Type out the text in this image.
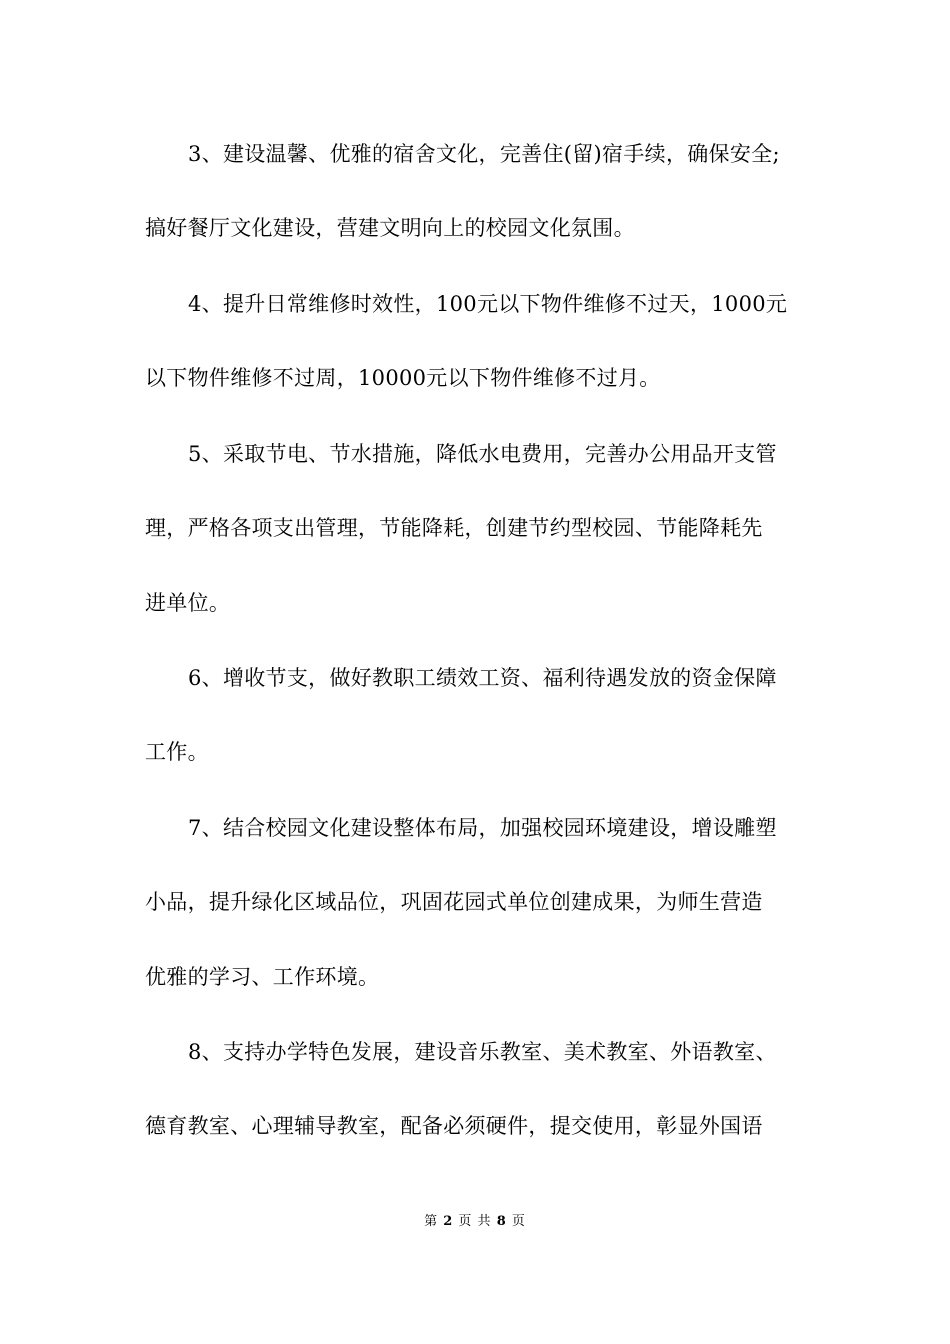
3、建设温馨、优雅的宿舍文化，完善住(留)宿手续，确保安全;
搞好餐厅文化建设，营建文明向上的校园文化氛围。
4、提升日常维修时效性，100元以下物件维修不过天，1000元
以下物件维修不过周，10000元以下物件维修不过月。
5、采取节电、节水措施，降低水电费用，完善办公用品开支管
理，严格各项支出管理，节能降耗，创建节约型校园、节能降耗先
进单位。
6、增收节支，做好教职工绩效工资、福利待遇发放的资金保障
工作。
7、结合校园文化建设整体布局，加强校园环境建设，增设雕塑
小品，提升绿化区域品位，巩固花园式单位创建成果，为师生营造
优雅的学习、工作环境。
8、支持办学特色发展，建设音乐教室、美术教室、外语教室、
德育教室、心理辅导教室，配备必须硬件，提交使用，彰显外国语
第 2 页 共 8 页
